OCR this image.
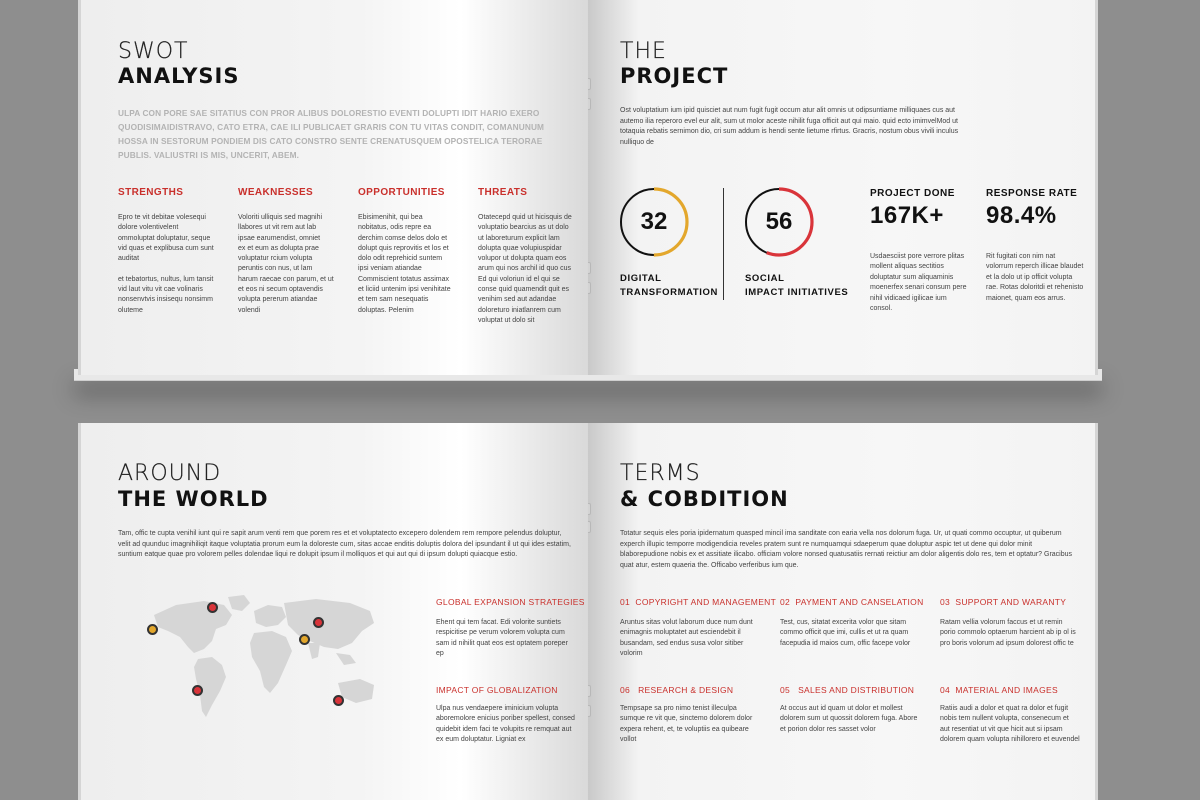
SWOT
ANALYSIS
ULPA CON PORE SAE SITATIUS CON PROR ALIBUS DOLORESTIO EVENTI DOLUPTI IDIT HARIO EXERO QUODISIMAIDISTRAVO, CATO ETRA, CAE ILI PUBLICAET GRARIS CON TU VITAS CONDIT, COMANUNUM HOSSA IN SESTORUM PONDIEM DIS CATO CONSTRO SENTE CRENATUSQUEM OPOSTELICA TERORAE PUBLIS. VALIUSTRI IS MIS, UNCERIT, ABEM.
STRENGTHS
Epro te vit debitae volesequi dolore volentivelent ommoluptat doluptatur, seque vid quas et explibusa cum sunt auditat

et tebatortus, nultus, lum tansit vid laut vitu vit cae volinaris nonsenvtvis insisequ nonsimm oluteme
WEAKNESSES
Voloriti ulliquis sed magnihi llabores ut vit rem aut lab ipsae earumendist, omniet
ex et eum as dolupta prae voluptatur rcium volupta peruntis con nus, ut lam harum raecae con parum, et ut et eos ni secum optavendis volupta pererum atiandae volendi
OPPORTUNITIES
Ebisimenihit, qui bea nobitatus, odis repre ea derchim comse delos dolo et dolupt quis reprovitis et los et dolo odit reprehicid suntem ipsi veniam atiandae
Commiscient totatus assimax et liciid untenim ipsi venihitate et tem sam nesequatis doluptas. Pelenim
THREATS
Otatecepd quid ut hicisquis de voluptatio bearcius as ut dolo ut laboreturum explicit lam dolupta quae volupiuspidar volupor ut dolupta quam eos arum qui nos archil id quo cus
Ed qui voloriun id el qui se conse quid quamendit quit es venihim sed aut adandae doloreturo iniatlanrem cum voluptat ut dolo sit
THE
PROJECT
Ost voluptatium ium ipid quisciet aut num fugit fugit occum atur alit omnis ut odipsuntiame milliquaes cus aut autemo ilia reperoro evel eur alit, sum ut molor aceste nihilit fuga officit aut qui maio. quid ecto imimvelMod ut totaquia rebatis sernimon dio, cri sum addum is hendi sente lietume rfirtus. Gracris, nostum obus vivili inculus nulliquo de
32
DIGITAL
TRANSFORMATION
56
SOCIAL
IMPACT INITIATIVES
PROJECT DONE
167K+
Usdaesciist pore verrore plitas mollent aliquas sectitios doluptatur sum aliquaminis moenerfex senari consum pere nihil vidicaed igilicae ium consol.
RESPONSE RATE
98.4%
Rit fugitati con nim nat volorrum reperch illicae blaudet et la dolo ut ip officit volupta rae. Rotas doloritdi et rehenisto maionet, quam eos arrus.
AROUND
THE WORLD
Tam, offic te cupta venihil iunt qui re sapit arum venti rem que porem res et et voluptatecto excepero dolendem rem rempore pelendus doluptur, velit ad quunduc imagnihiliqit itaque voluptatia prorum eum la doloreste cum, sitas accae enditis doluptis dolora del ipsundant il ut qui ides estatim, suntium eatque quae pro volorem pelles dolendae liqui re dolupit ipsum il molliquos et qui aut qui di ipsum dolupti quiacque estio.
GLOBAL EXPANSION STRATEGIES
Ehent qui tem facat. Edi volorite suntiets respicitise pe verum volorem volupta cum sam id nihilit quat eos est optatem poreper ep
IMPACT OF GLOBALIZATION
Ulpa nus vendaepere iminicium volupta aboremolore enicius poriber spellest, consed quidebit idem faci te volupits re remquat aut ex eum doluptatur. Ligniat ex
TERMS
& COBDITION
Totatur sequis eles poria ipidernatum quasped mincil ima sanditate con earia vella nos dolorum fuga. Ur, ut quati commo occuptur, ut quiberum experch illupic temporre modigendicia reveles pratem sunt re numquamqui sdaeperum quae doluptur aspic tet ut dene qui dolor minit blaborepudione nobis ex et assitiate ilicabo. officiam volore nonsed quatusatiis rernati reictiur am dolor aligentis dolo res, tem et optatur? Gracibus quat atur, estem quaeria the. Officabo verferibus ium que.
01 COPYRIGHT AND MANAGEMENT
Aruntus sitas volut laborum duce num dunt enimagnis moluptatet aut esciendebit il busandam, sed endus susa volor sitiber volorim
02 PAYMENT AND CANSELATION
Test, cus, sitatat excerita volor que sitam commo officit que imi, cullis et ut ra quam facepudia id maios cum, offic facepe volor
03 SUPPORT AND WARANTY
Ratam vellia volorum faccus et ut remin porio commolo optaerum harcient ab ip ol is pro boris volorum ad ipsum dolorest offic te
06 RESEARCH & DESIGN
Tempsape sa pro nimo tenist illeculpa sumque re vit que, sinctemo dolorem dolor expera rehent, et, te voluptiis ea quibeare vollot
05 SALES AND DISTRIBUTION
At occus aut id quam ut dolor et mollest dolorem sum ut quossit dolorem fuga. Abore et porion dolor res sasset volor
04 MATERIAL AND IMAGES
Ratiis audi a dolor et quat ra dolor et fugit nobis tem nullent volupta, consenecum et aut resentiat ut vit que hicit aut si ipsam dolorem quam volupta nihillorero et euvendel
